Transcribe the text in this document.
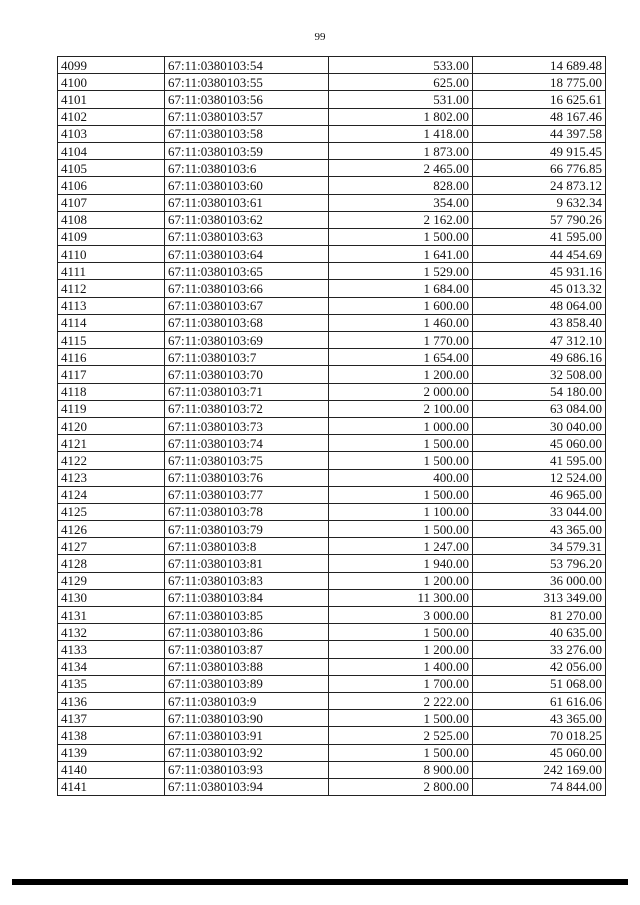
99
4099	67:11:0380103:54	533.00	14 689.48
4100	67:11:0380103:55	625.00	18 775.00
4101	67:11:0380103:56	531.00	16 625.61
4102	67:11:0380103:57	1 802.00	48 167.46
4103	67:11:0380103:58	1 418.00	44 397.58
4104	67:11:0380103:59	1 873.00	49 915.45
4105	67:11:0380103:6	2 465.00	66 776.85
4106	67:11:0380103:60	828.00	24 873.12
4107	67:11:0380103:61	354.00	9 632.34
4108	67:11:0380103:62	2 162.00	57 790.26
4109	67:11:0380103:63	1 500.00	41 595.00
4110	67:11:0380103:64	1 641.00	44 454.69
4111	67:11:0380103:65	1 529.00	45 931.16
4112	67:11:0380103:66	1 684.00	45 013.32
4113	67:11:0380103:67	1 600.00	48 064.00
4114	67:11:0380103:68	1 460.00	43 858.40
4115	67:11:0380103:69	1 770.00	47 312.10
4116	67:11:0380103:7	1 654.00	49 686.16
4117	67:11:0380103:70	1 200.00	32 508.00
4118	67:11:0380103:71	2 000.00	54 180.00
4119	67:11:0380103:72	2 100.00	63 084.00
4120	67:11:0380103:73	1 000.00	30 040.00
4121	67:11:0380103:74	1 500.00	45 060.00
4122	67:11:0380103:75	1 500.00	41 595.00
4123	67:11:0380103:76	400.00	12 524.00
4124	67:11:0380103:77	1 500.00	46 965.00
4125	67:11:0380103:78	1 100.00	33 044.00
4126	67:11:0380103:79	1 500.00	43 365.00
4127	67:11:0380103:8	1 247.00	34 579.31
4128	67:11:0380103:81	1 940.00	53 796.20
4129	67:11:0380103:83	1 200.00	36 000.00
4130	67:11:0380103:84	11 300.00	313 349.00
4131	67:11:0380103:85	3 000.00	81 270.00
4132	67:11:0380103:86	1 500.00	40 635.00
4133	67:11:0380103:87	1 200.00	33 276.00
4134	67:11:0380103:88	1 400.00	42 056.00
4135	67:11:0380103:89	1 700.00	51 068.00
4136	67:11:0380103:9	2 222.00	61 616.06
4137	67:11:0380103:90	1 500.00	43 365.00
4138	67:11:0380103:91	2 525.00	70 018.25
4139	67:11:0380103:92	1 500.00	45 060.00
4140	67:11:0380103:93	8 900.00	242 169.00
4141	67:11:0380103:94	2 800.00	74 844.00
